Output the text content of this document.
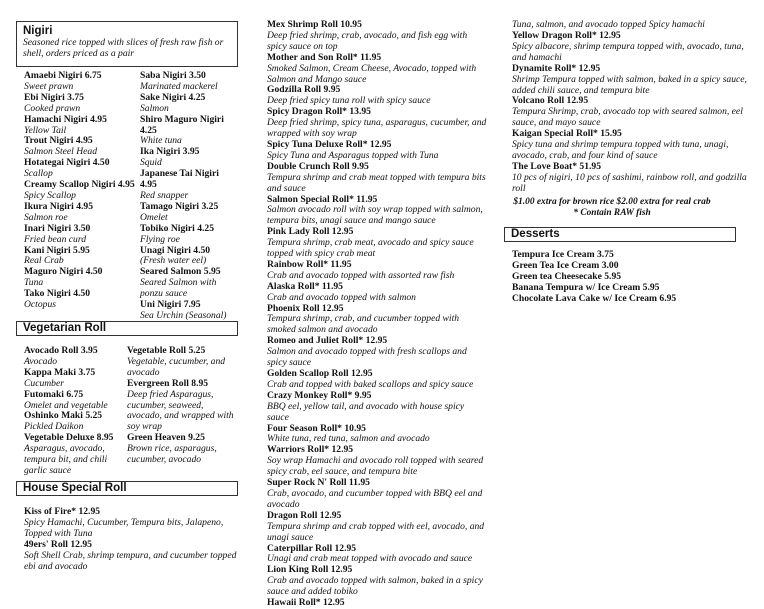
Nigiri
Seasoned rice topped with slices of fresh raw fish or shell, orders priced as a pair
Amaebi Nigiri 6.75
Sweet prawn
Ebi Nigiri 3.75
Cooked prawn
Hamachi Nigiri 4.95
Yellow Tail
Trout Nigiri 4.95
Salmon Steel Head
Hotategai Nigiri 4.50
Scallop
Creamy Scallop Nigiri 4.95
Spicy Scallop
Ikura Nigiri 4.95
Salmon roe
Inari Nigiri 3.50
Fried bean curd
Kani Nigiri 5.95
Real Crab
Maguro Nigiri 4.50
Tuna
Tako Nigiri 4.50
Octopus
Saba Nigiri 3.50
Marinated mackerel
Sake Nigiri 4.25
Salmon
Shiro Maguro Nigiri 4.25
White tuna
Ika Nigiri 3.95
Squid
Japanese Tai Nigiri 4.95
Red snapper
Tamago Nigiri 3.25
Omelet
Tobiko Nigiri 4.25
Flying roe
Unagi Nigiri 4.50
(Fresh water eel)
Seared Salmon 5.95
Seared Salmon with ponzu sauce
Uni Nigiri 7.95
Sea Urchin (Seasonal)
Vegetarian Roll
Avocado Roll 3.95
Avocado
Kappa Maki 3.75
Cucumber
Futomaki 6.75
Omelet and vegetable
Oshinko Maki 5.25
Pickled Daikon
Vegetable Deluxe 8.95
Asparagus, avocado, tempura bit, and chili garlic sauce
Vegetable Roll 5.25
Vegetable, cucumber, and avocado
Evergreen Roll 8.95
Deep fried Asparagus, cucumber, seaweed, avocado, and wrapped with soy wrap
Green Heaven 9.25
Brown rice, asparagus, cucumber, avocado
House Special Roll
Kiss of Fire* 12.95
Spicy Hamachi, Cucumber, Tempura bits, Jalapeno, Topped with Tuna
49ers' Roll 12.95
Soft Shell Crab, shrimp tempura, and cucumber topped ebi and avocado
Mex Shrimp Roll 10.95
Deep fried shrimp, crab, avocado, and fish egg with spicy sauce on top
Mother and Son Roll* 11.95
Smoked Salmon, Cream Cheese, Avocado, topped with Salmon and Mango sauce
Godzilla Roll 9.95
Deep fried spicy tuna roll with spicy sauce
Spicy Dragon Roll* 13.95
Deep fried shrimp, spicy tuna, asparagus, cucumber, and wrapped with soy wrap
Spicy Tuna Deluxe Roll* 12.95
Spicy Tuna and Asparagus topped with Tuna
Double Crunch Roll 9.95
Tempura shrimp and crab meat topped with tempura bits and sauce
Salmon Special Roll* 11.95
Salmon avocado roll with soy wrap topped with salmon, tempura bits, unagi sauce and mango sauce
Pink Lady Roll 12.95
Tempura shrimp, crab meat, avocado and spicy sauce topped with spicy crab meat
Rainbow Roll* 11.95
Crab and avocado topped with assorted raw fish
Alaska Roll* 11.95
Crab and avocado topped with salmon
Phoenix Roll 12.95
Tempura shrimp, crab, and cucumber topped with smoked salmon and avocado
Romeo and Juliet Roll* 12.95
Salmon and avocado topped with fresh scallops and spicy sauce
Golden Scallop Roll 12.95
Crab and topped with baked scallops and spicy sauce
Crazy Monkey Roll* 9.95
BBQ eel, yellow tail, and avocado with house spicy sauce
Four Season Roll* 10.95
White tuna, red tuna, salmon and avocado
Warriors Roll* 12.95
Soy wrap Hamachi and avocado roll topped with seared spicy crab, eel sauce, and tempura bite
Super Rock N' Roll 11.95
Crab, avocado, and cucumber topped with BBQ eel and avocado
Dragon Roll 12.95
Tempura shrimp and crab topped with eel, avocado, and unagi sauce
Caterpillar Roll 12.95
Unagi and crab meat topped with avocado and sauce
Lion King Roll 12.95
Crab and avocado topped with salmon, baked in a spicy sauce and added tobiko
Hawaii Roll* 12.95
Tuna, salmon, and avocado topped Spicy hamachi
Yellow Dragon Roll* 12.95
Spicy albacore, shrimp tempura topped with, avocado, tuna, and hamachi
Dynamite Roll* 12.95
Shrimp Tempura topped with salmon, baked in a spicy sauce, added chili sauce, and tempura bite
Volcano Roll 12.95
Tempura Shrimp, crab, avocado top with seared salmon, eel sauce, and mayo sauce
Kaigan Special Roll* 15.95
Spicy tuna and shrimp tempura topped with tuna, unagi, avocado, crab, and four kind of sauce
The Love Boat* 51.95
10 pcs of nigiri, 10 pcs of sashimi, rainbow roll, and godzilla roll
$1.00 extra for brown rice $2.00 extra for real crab
* Contain RAW fish
Desserts
Tempura Ice Cream 3.75
Green Tea Ice Cream 3.00
Green tea Cheesecake 5.95
Banana Tempura w/ Ice Cream 5.95
Chocolate Lava Cake w/ Ice Cream 6.95
